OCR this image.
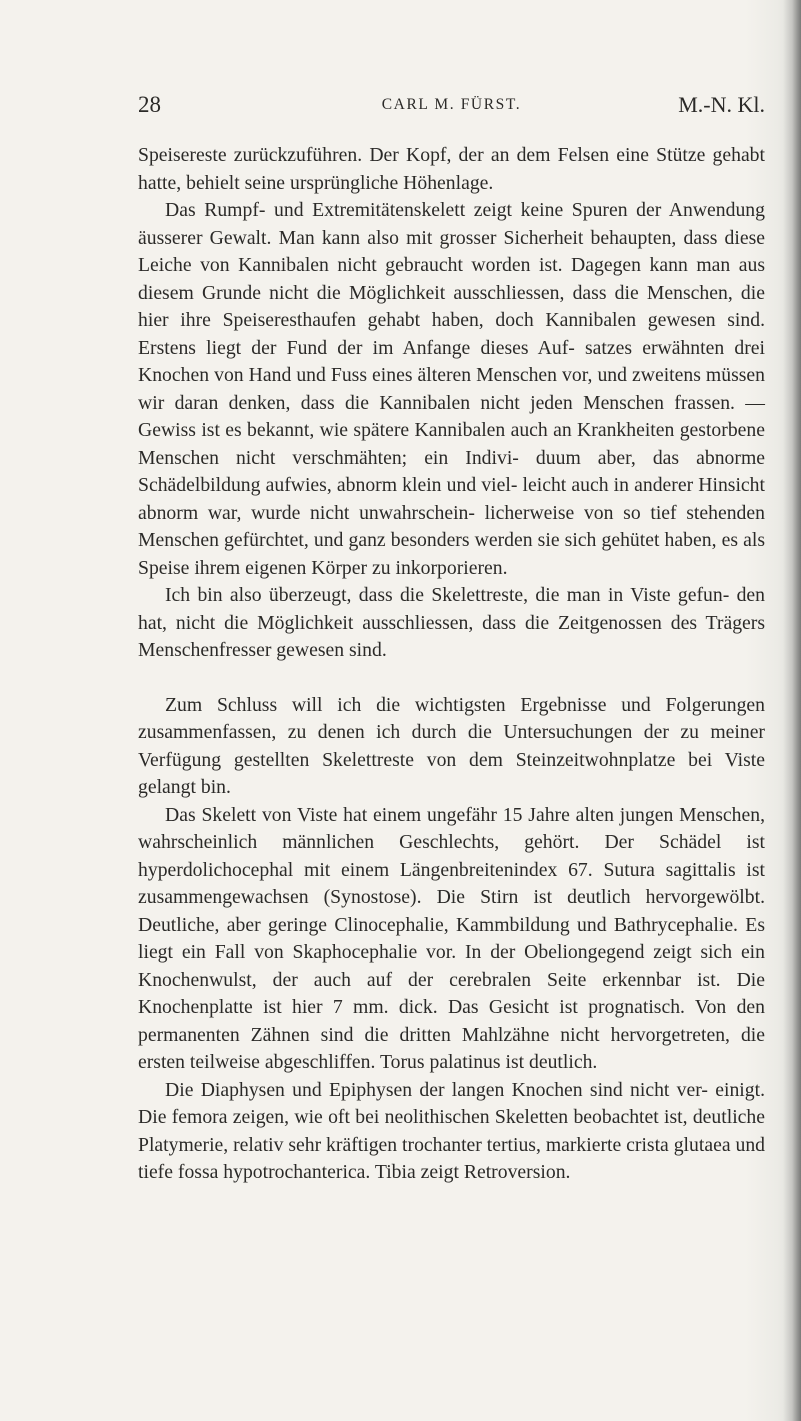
28	CARL M. FÜRST.	M.-N. Kl.

Speisereste zurückzuführen. Der Kopf, der an dem Felsen eine Stütze gehabt hatte, behielt seine ursprüngliche Höhenlage.

Das Rumpf- und Extremitätenskelett zeigt keine Spuren der Anwendung äusserer Gewalt. Man kann also mit grosser Sicherheit behaupten, dass diese Leiche von Kannibalen nicht gebraucht worden ist. Dagegen kann man aus diesem Grunde nicht die Möglichkeit ausschliessen, dass die Menschen, die hier ihre Speiseresthaufen gehabt haben, doch Kannibalen gewesen sind. Erstens liegt der Fund der im Anfange dieses Auf- satzes erwähnten drei Knochen von Hand und Fuss eines älteren Menschen vor, und zweitens müssen wir daran denken, dass die Kannibalen nicht jeden Menschen frassen. — Gewiss ist es bekannt, wie spätere Kannibalen auch an Krankheiten gestorbene Menschen nicht verschmähten; ein Indivi- duum aber, das abnorme Schädelbildung aufwies, abnorm klein und viel- leicht auch in anderer Hinsicht abnorm war, wurde nicht unwahrschein- licherweise von so tief stehenden Menschen gefürchtet, und ganz besonders werden sie sich gehütet haben, es als Speise ihrem eigenen Körper zu inkorporieren.

Ich bin also überzeugt, dass die Skelettreste, die man in Viste gefun- den hat, nicht die Möglichkeit ausschliessen, dass die Zeitgenossen des Trägers Menschenfresser gewesen sind.

Zum Schluss will ich die wichtigsten Ergebnisse und Folgerungen zusammenfassen, zu denen ich durch die Untersuchungen der zu meiner Verfügung gestellten Skelettreste von dem Steinzeitwohnplatze bei Viste gelangt bin.

Das Skelett von Viste hat einem ungefähr 15 Jahre alten jungen Menschen, wahrscheinlich männlichen Geschlechts, gehört. Der Schädel ist hyperdolichocephal mit einem Längenbreitenindex 67. Sutura sagittalis ist zusammengewachsen (Synostose). Die Stirn ist deutlich hervorgewölbt. Deutliche, aber geringe Clinocephalie, Kammbildung und Bathrycephalie. Es liegt ein Fall von Skaphocephalie vor. In der Obeliongegend zeigt sich ein Knochenwulst, der auch auf der cerebralen Seite erkennbar ist. Die Knochenplatte ist hier 7 mm. dick. Das Gesicht ist prognatisch. Von den permanenten Zähnen sind die dritten Mahlzähne nicht hervorgetreten, die ersten teilweise abgeschliffen. Torus palatinus ist deutlich.

Die Diaphysen und Epiphysen der langen Knochen sind nicht ver- einigt. Die femora zeigen, wie oft bei neolithischen Skeletten beobachtet ist, deutliche Platymerie, relativ sehr kräftigen trochanter tertius, markierte crista glutaea und tiefe fossa hypotrochanterica. Tibia zeigt Retroversion.
